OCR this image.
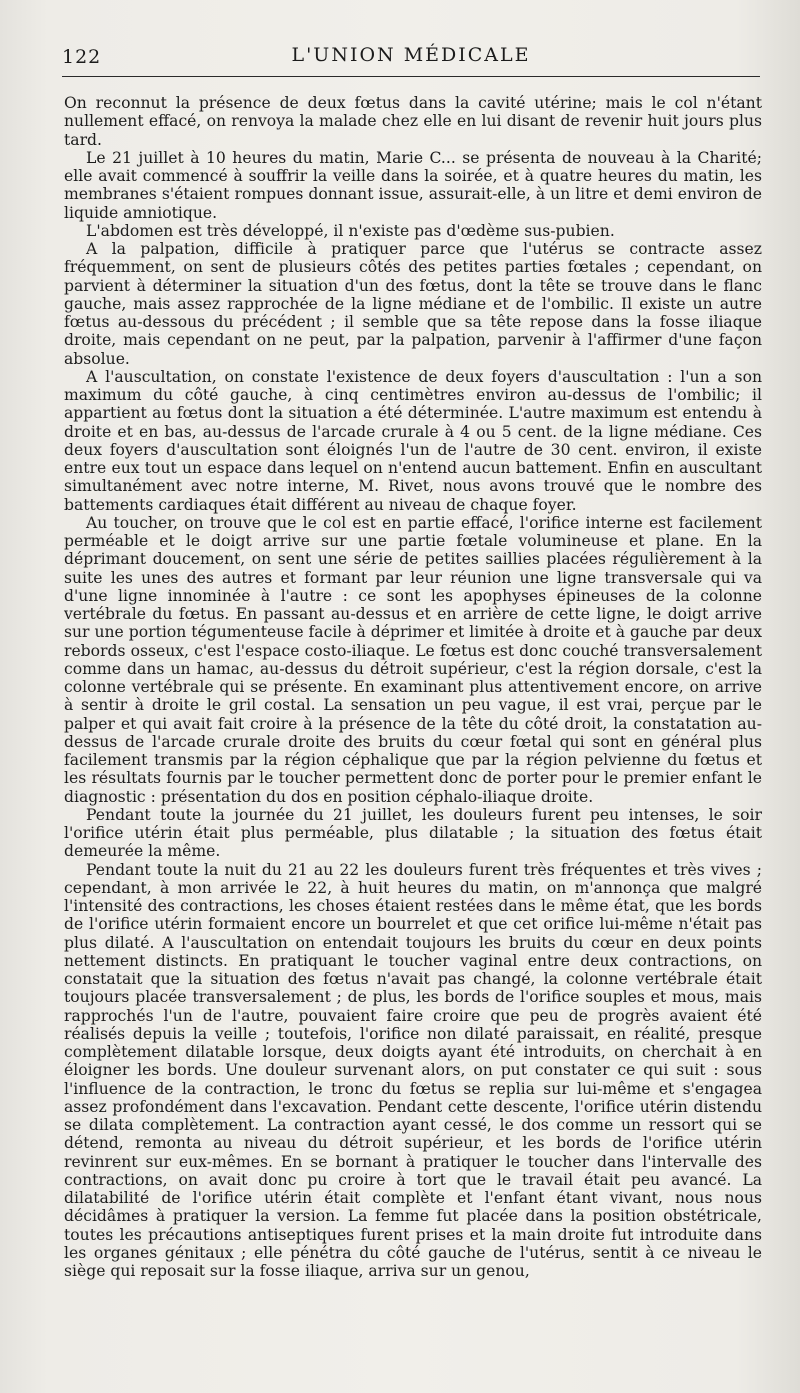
122	L'UNION MÉDICALE

On reconnut la présence de deux fœtus dans la cavité utérine; mais le col n'étant nullement effacé, on renvoya la malade chez elle en lui disant de revenir huit jours plus tard.

Le 21 juillet à 10 heures du matin, Marie C... se présenta de nouveau à la Charité; elle avait commencé à souffrir la veille dans la soirée, et à quatre heures du matin, les membranes s'étaient rompues donnant issue, assurait-elle, à un litre et demi environ de liquide amniotique.

L'abdomen est très développé, il n'existe pas d'œdème sus-pubien.

A la palpation, difficile à pratiquer parce que l'utérus se contracte assez fréquemment, on sent de plusieurs côtés des petites parties fœtales ; cependant, on parvient à déterminer la situation d'un des fœtus, dont la tête se trouve dans le flanc gauche, mais assez rapprochée de la ligne médiane et de l'ombilic. Il existe un autre fœtus au-dessous du précédent ; il semble que sa tête repose dans la fosse iliaque droite, mais cependant on ne peut, par la palpation, parvenir à l'affirmer d'une façon absolue.

A l'auscultation, on constate l'existence de deux foyers d'auscultation : l'un a son maximum du côté gauche, à cinq centimètres environ au-dessus de l'ombilic; il appartient au fœtus dont la situation a été déterminée. L'autre maximum est entendu à droite et en bas, au-dessus de l'arcade crurale à 4 ou 5 cent. de la ligne médiane. Ces deux foyers d'auscultation sont éloignés l'un de l'autre de 30 cent. environ, il existe entre eux tout un espace dans lequel on n'entend aucun battement. Enfin en auscultant simultanément avec notre interne, M. Rivet, nous avons trouvé que le nombre des battements cardiaques était différent au niveau de chaque foyer.

Au toucher, on trouve que le col est en partie effacé, l'orifice interne est facilement perméable et le doigt arrive sur une partie fœtale volumineuse et plane. En la déprimant doucement, on sent une série de petites saillies placées régulièrement à la suite les unes des autres et formant par leur réunion une ligne transversale qui va d'une ligne innominée à l'autre : ce sont les apophyses épineuses de la colonne vertébrale du fœtus. En passant au-dessus et en arrière de cette ligne, le doigt arrive sur une portion tégumenteuse facile à déprimer et limitée à droite et à gauche par deux rebords osseux, c'est l'espace costo-iliaque. Le fœtus est donc couché transversalement comme dans un hamac, au-dessus du détroit supérieur, c'est la région dorsale, c'est la colonne vertébrale qui se présente. En examinant plus attentivement encore, on arrive à sentir à droite le gril costal. La sensation un peu vague, il est vrai, perçue par le palper et qui avait fait croire à la présence de la tête du côté droit, la constatation au-dessus de l'arcade crurale droite des bruits du cœur fœtal qui sont en général plus facilement transmis par la région céphalique que par la région pelvienne du fœtus et les résultats fournis par le toucher permettent donc de porter pour le premier enfant le diagnostic : présentation du dos en position céphalo-iliaque droite.

Pendant toute la journée du 21 juillet, les douleurs furent peu intenses, le soir l'orifice utérin était plus perméable, plus dilatable ; la situation des fœtus était demeurée la même.

Pendant toute la nuit du 21 au 22 les douleurs furent très fréquentes et très vives ; cependant, à mon arrivée le 22, à huit heures du matin, on m'annonça que malgré l'intensité des contractions, les choses étaient restées dans le même état, que les bords de l'orifice utérin formaient encore un bourrelet et que cet orifice lui-même n'était pas plus dilaté. A l'auscultation on entendait toujours les bruits du cœur en deux points nettement distincts. En pratiquant le toucher vaginal entre deux contractions, on constatait que la situation des fœtus n'avait pas changé, la colonne vertébrale était toujours placée transversalement ; de plus, les bords de l'orifice souples et mous, mais rapprochés l'un de l'autre, pouvaient faire croire que peu de progrès avaient été réalisés depuis la veille ; toutefois, l'orifice non dilaté paraissait, en réalité, presque complètement dilatable lorsque, deux doigts ayant été introduits, on cherchait à en éloigner les bords. Une douleur survenant alors, on put constater ce qui suit : sous l'influence de la contraction, le tronc du fœtus se replia sur lui-même et s'engagea assez profondément dans l'excavation. Pendant cette descente, l'orifice utérin distendu se dilata complètement. La contraction ayant cessé, le dos comme un ressort qui se détend, remonta au niveau du détroit supérieur, et les bords de l'orifice utérin revinrent sur eux-mêmes. En se bornant à pratiquer le toucher dans l'intervalle des contractions, on avait donc pu croire à tort que le travail était peu avancé. La dilatabilité de l'orifice utérin était complète et l'enfant étant vivant, nous nous décidâmes à pratiquer la version. La femme fut placée dans la position obstétricale, toutes les précautions antiseptiques furent prises et la main droite fut introduite dans les organes génitaux ; elle pénétra du côté gauche de l'utérus, sentit à ce niveau le siège qui reposait sur la fosse iliaque, arriva sur un genou,
